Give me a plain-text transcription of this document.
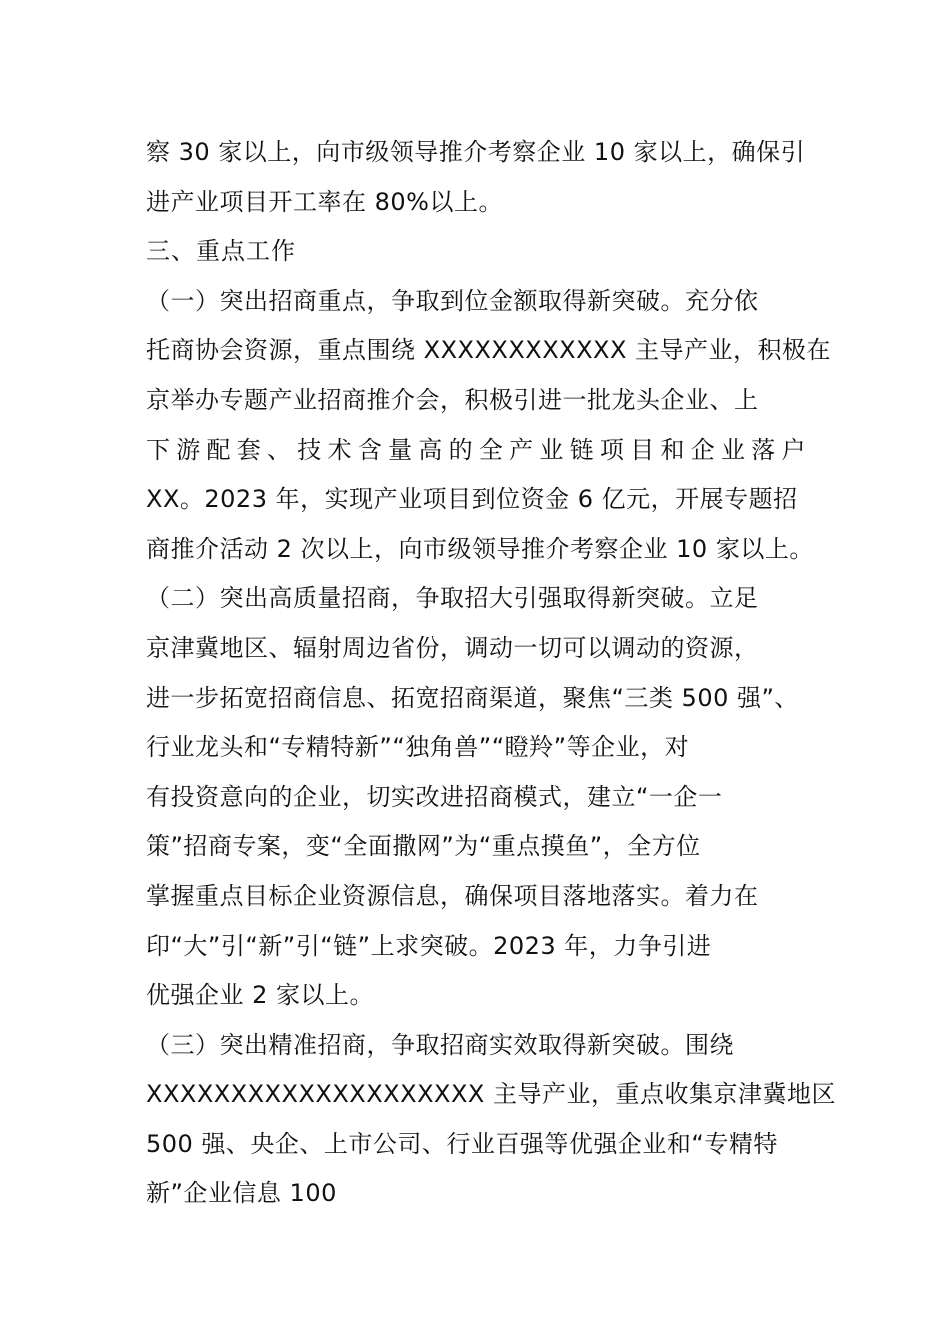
察 30 家以上，向市级领导推介考察企业 10 家以上，确保引
进产业项目开工率在 80%以上。
三、重点工作
（一）突出招商重点，争取到位金额取得新突破。充分依
托商协会资源，重点围绕 XXXXXXXXXXXX 主导产业，积极在
京举办专题产业招商推介会，积极引进一批龙头企业、上
下游配套、技术含量高的全产业链项目和企业落户
XX。2023 年，实现产业项目到位资金 6 亿元，开展专题招
商推介活动 2 次以上，向市级领导推介考察企业 10 家以上。
（二）突出高质量招商，争取招大引强取得新突破。立足
京津冀地区、辐射周边省份，调动一切可以调动的资源，
进一步拓宽招商信息、拓宽招商渠道，聚焦“三类 500 强”、
行业龙头和“专精特新”“独角兽”“瞪羚”等企业，对
有投资意向的企业，切实改进招商模式，建立“一企一
策”招商专案，变“全面撒网”为“重点摸鱼”，全方位
掌握重点目标企业资源信息，确保项目落地落实。着力在
印“大”引“新”引“链”上求突破。2023 年，力争引进
优强企业 2 家以上。
（三）突出精准招商，争取招商实效取得新突破。围绕
XXXXXXXXXXXXXXXXXXXX 主导产业，重点收集京津冀地区
500 强、央企、上市公司、行业百强等优强企业和“专精特
新”企业信息 100
